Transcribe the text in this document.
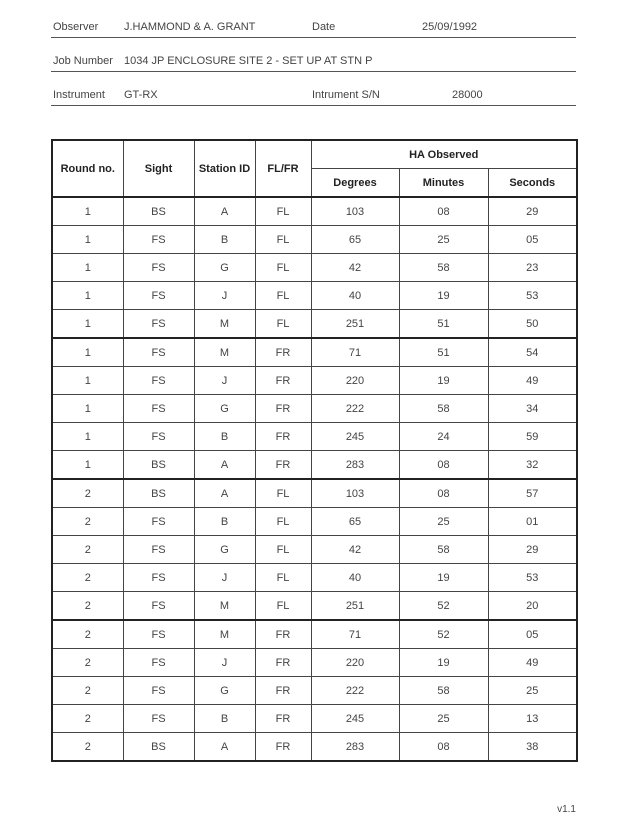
Observer J.HAMMOND & A. GRANT	Date	25/09/1992
Job Number 1034 JP ENCLOSURE SITE 2 - SET UP AT STN P
Instrument GT-RX	Intrument S/N	28000
Round no.	Sight	Station ID	FL/FR	HA Observed		
				Degrees	Minutes	Seconds
1	BS	A	FL	103	08	29
1	FS	B	FL	65	25	05
1	FS	G	FL	42	58	23
1	FS	J	FL	40	19	53
1	FS	M	FL	251	51	50
1	FS	M	FR	71	51	54
1	FS	J	FR	220	19	49
1	FS	G	FR	222	58	34
1	FS	B	FR	245	24	59
1	BS	A	FR	283	08	32
2	BS	A	FL	103	08	57
2	FS	B	FL	65	25	01
2	FS	G	FL	42	58	29
2	FS	J	FL	40	19	53
2	FS	M	FL	251	52	20
2	FS	M	FR	71	52	05
2	FS	J	FR	220	19	49
2	FS	G	FR	222	58	25
2	FS	B	FR	245	25	13
2	BS	A	FR	283	08	38
v1.1
